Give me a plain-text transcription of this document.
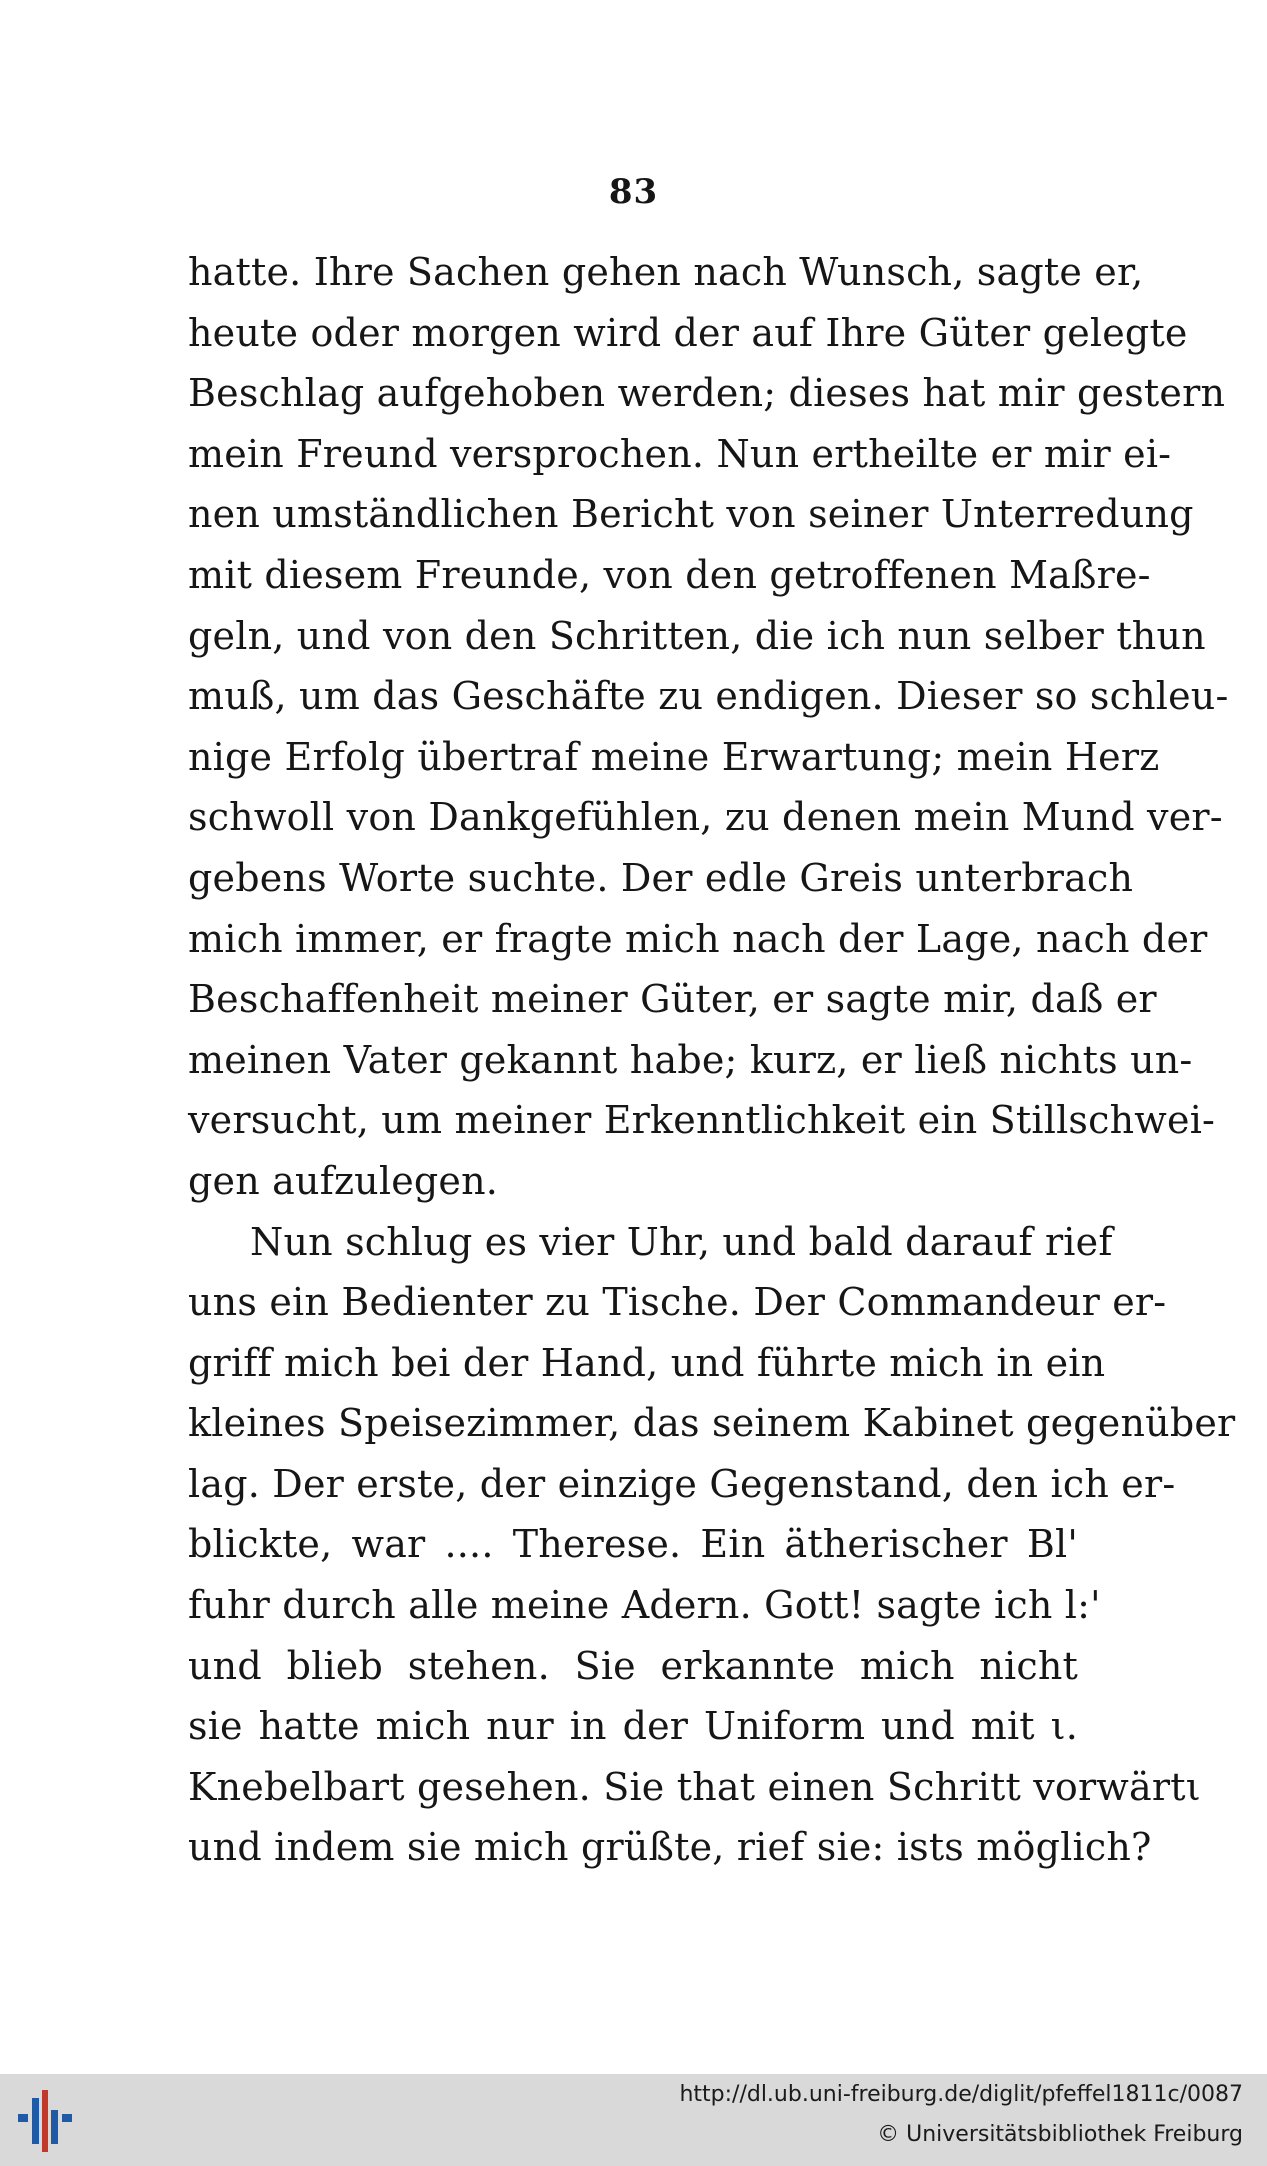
83
hatte. Ihre Sachen gehen nach Wunsch, sagte er,
heute oder morgen wird der auf Ihre Güter gelegte
Beschlag aufgehoben werden; dieses hat mir gestern
mein Freund versprochen. Nun ertheilte er mir ei-
nen umständlichen Bericht von seiner Unterredung
mit diesem Freunde, von den getroffenen Maßre-
geln, und von den Schritten, die ich nun selber thun
muß, um das Geschäfte zu endigen. Dieser so schleu-
nige Erfolg übertraf meine Erwartung; mein Herz
schwoll von Dankgefühlen, zu denen mein Mund ver-
gebens Worte suchte. Der edle Greis unterbrach
mich immer, er fragte mich nach der Lage, nach der
Beschaffenheit meiner Güter, er sagte mir, daß er
meinen Vater gekannt habe; kurz, er ließ nichts un-
versucht, um meiner Erkenntlichkeit ein Stillschwei-
gen aufzulegen.
Nun schlug es vier Uhr, und bald darauf rief
uns ein Bedienter zu Tische. Der Commandeur er-
griff mich bei der Hand, und führte mich in ein
kleines Speisezimmer, das seinem Kabinet gegenüber
lag. Der erste, der einzige Gegenstand, den ich er-
blickte, war .... Therese. Ein ätherischer Bl'
fuhr durch alle meine Adern. Gott! sagte ich l:'
und blieb stehen. Sie erkannte mich nicht
sie hatte mich nur in der Uniform und mit ι.
Knebelbart gesehen. Sie that einen Schritt vorwärtι
und indem sie mich grüßte, rief sie: ists möglich?
http://dl.ub.uni-freiburg.de/diglit/pfeffel1811c/0087
© Universitätsbibliothek Freiburg
